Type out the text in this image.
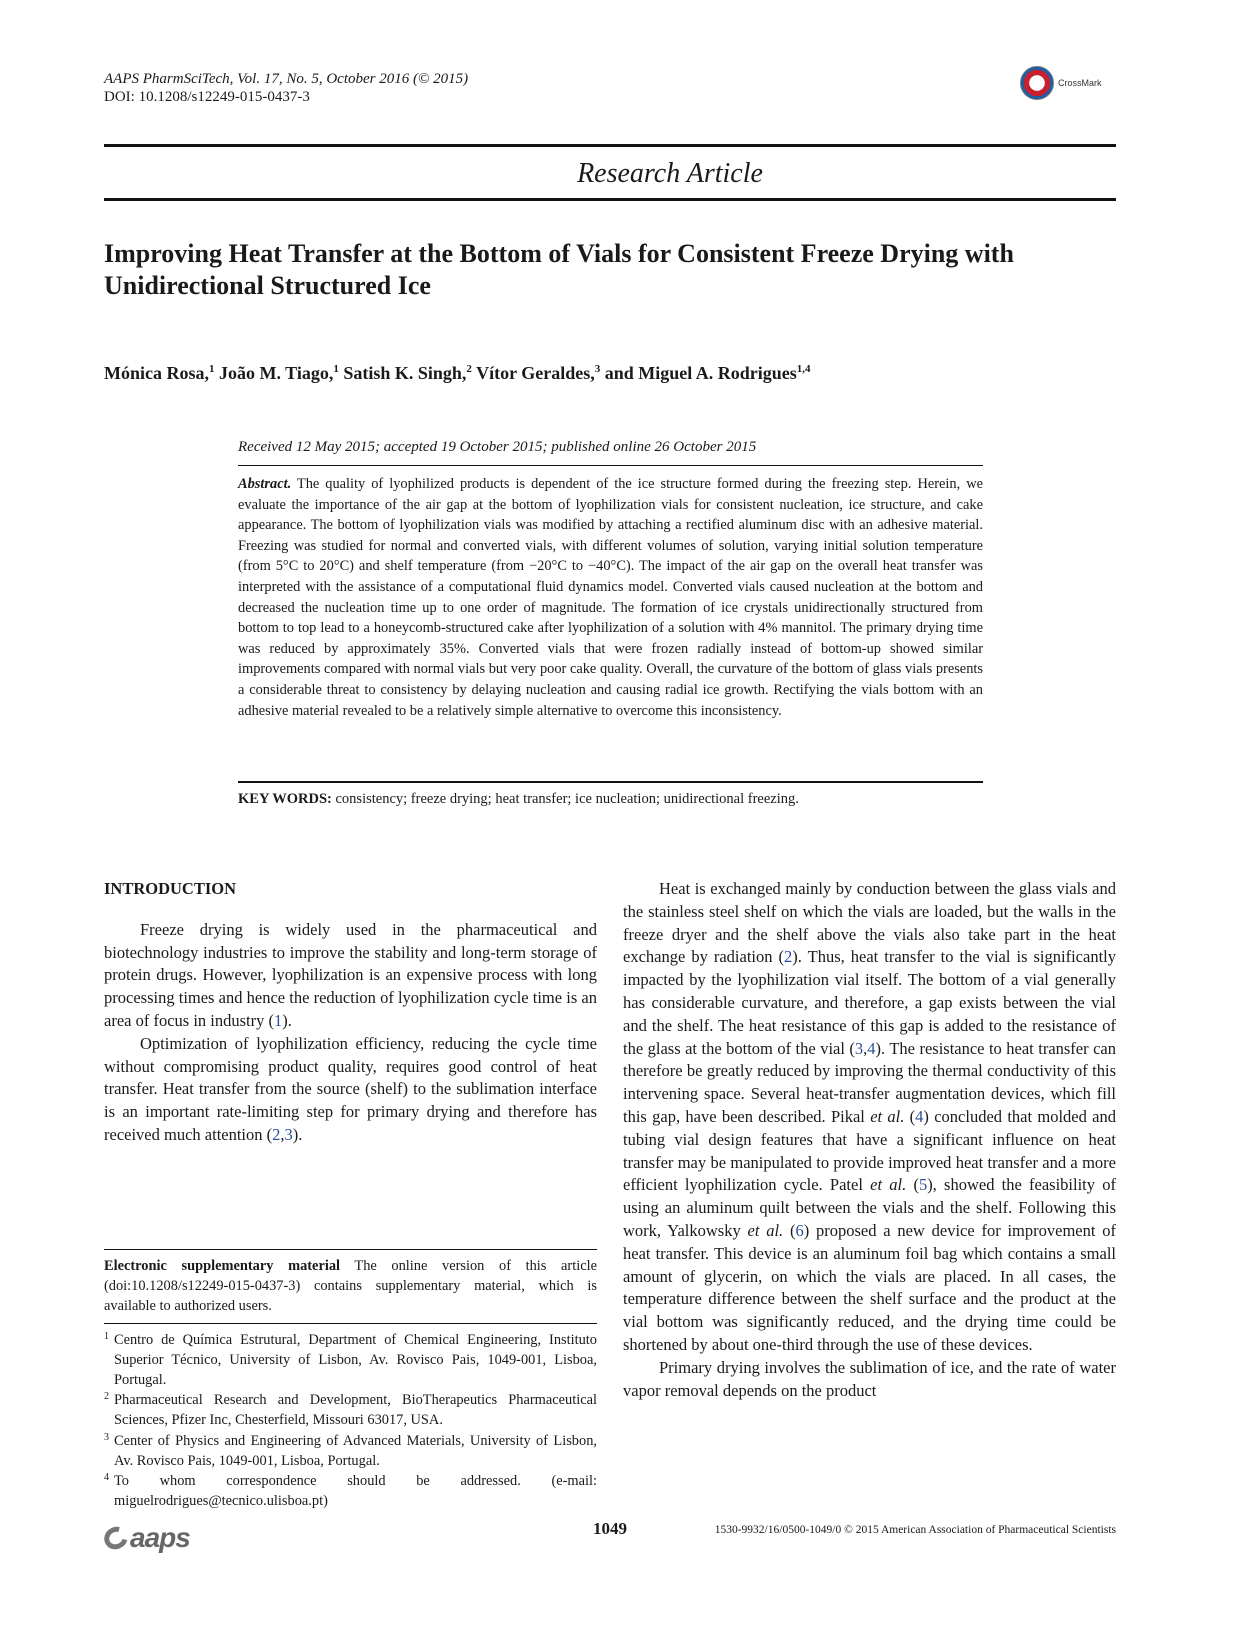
AAPS PharmSciTech, Vol. 17, No. 5, October 2016 (© 2015)
DOI: 10.1208/s12249-015-0437-3
CrossMark
Research Article
Improving Heat Transfer at the Bottom of Vials for Consistent Freeze Drying with Unidirectional Structured Ice
Mónica Rosa,$^1$ João M. Tiago,$^1$ Satish K. Singh,$^2$ Vítor Geraldes,$^3$ and Miguel A. Rodrigues$^{1,4}$
Received 12 May 2015; accepted 19 October 2015; published online 26 October 2015
Abstract. The quality of lyophilized products is dependent of the ice structure formed during the freezing step. Herein, we evaluate the importance of the air gap at the bottom of lyophilization vials for consistent nucleation, ice structure, and cake appearance. The bottom of lyophilization vials was modified by attaching a rectified aluminum disc with an adhesive material. Freezing was studied for normal and converted vials, with different volumes of solution, varying initial solution temperature (from 5°C to 20°C) and shelf temperature (from −20°C to −40°C). The impact of the air gap on the overall heat transfer was interpreted with the assistance of a computational fluid dynamics model. Converted vials caused nucleation at the bottom and decreased the nucleation time up to one order of magnitude. The formation of ice crystals unidirectionally structured from bottom to top lead to a honeycomb-structured cake after lyophilization of a solution with 4% mannitol. The primary drying time was reduced by approximately 35%. Converted vials that were frozen radially instead of bottom-up showed similar improvements compared with normal vials but very poor cake quality. Overall, the curvature of the bottom of glass vials presents a considerable threat to consistency by delaying nucleation and causing radial ice growth. Rectifying the vials bottom with an adhesive material revealed to be a relatively simple alternative to overcome this inconsistency.
KEY WORDS: consistency; freeze drying; heat transfer; ice nucleation; unidirectional freezing.
INTRODUCTION

Freeze drying is widely used in the pharmaceutical and biotechnology industries to improve the stability and long-term storage of protein drugs. However, lyophilization is an expensive process with long processing times and hence the reduction of lyophilization cycle time is an area of focus in industry (1).

Optimization of lyophilization efficiency, reducing the cycle time without compromising product quality, requires good control of heat transfer. Heat transfer from the source (shelf) to the sublimation interface is an important rate-limiting step for primary drying and therefore has received much attention (2,3).

Heat is exchanged mainly by conduction between the glass vials and the stainless steel shelf on which the vials are loaded, but the walls in the freeze dryer and the shelf above the vials also take part in the heat exchange by radiation (2). Thus, heat transfer to the vial is significantly impacted by the lyophilization vial itself. The bottom of a vial generally has considerable curvature, and therefore, a gap exists between the vial and the shelf. The heat resistance of this gap is added to the resistance of the glass at the bottom of the vial (3,4). The resistance to heat transfer can therefore be greatly reduced by improving the thermal conductivity of this intervening space. Several heat-transfer augmentation devices, which fill this gap, have been described. Pikal et al. (4) concluded that molded and tubing vial design features that have a significant influence on heat transfer may be manipulated to provide improved heat transfer and a more efficient lyophilization cycle. Patel et al. (5), showed the feasibility of using an aluminum quilt between the vials and the shelf. Following this work, Yalkowsky et al. (6) proposed a new device for improvement of heat transfer. This device is an aluminum foil bag which contains a small amount of glycerin, on which the vials are placed. In all cases, the temperature difference between the shelf surface and the product at the vial bottom was significantly reduced, and the drying time could be shortened by about one-third through the use of these devices.

Primary drying involves the sublimation of ice, and the rate of water vapor removal depends on the product

Electronic supplementary material The online version of this article (doi:10.1208/s12249-015-0437-3) contains supplementary material, which is available to authorized users.
1 Centro de Química Estrutural, Department of Chemical Engineering, Instituto Superior Técnico, University of Lisbon, Av. Rovisco Pais, 1049-001, Lisboa, Portugal.
2 Pharmaceutical Research and Development, BioTherapeutics Pharmaceutical Sciences, Pfizer Inc, Chesterfield, Missouri 63017, USA.
3 Center of Physics and Engineering of Advanced Materials, University of Lisbon, Av. Rovisco Pais, 1049-001, Lisboa, Portugal.
4 To whom correspondence should be addressed. (e-mail: miguelrodrigues@tecnico.ulisboa.pt)
aaps	1049	1530-9932/16/0500-1049/0 © 2015 American Association of Pharmaceutical Scientists
